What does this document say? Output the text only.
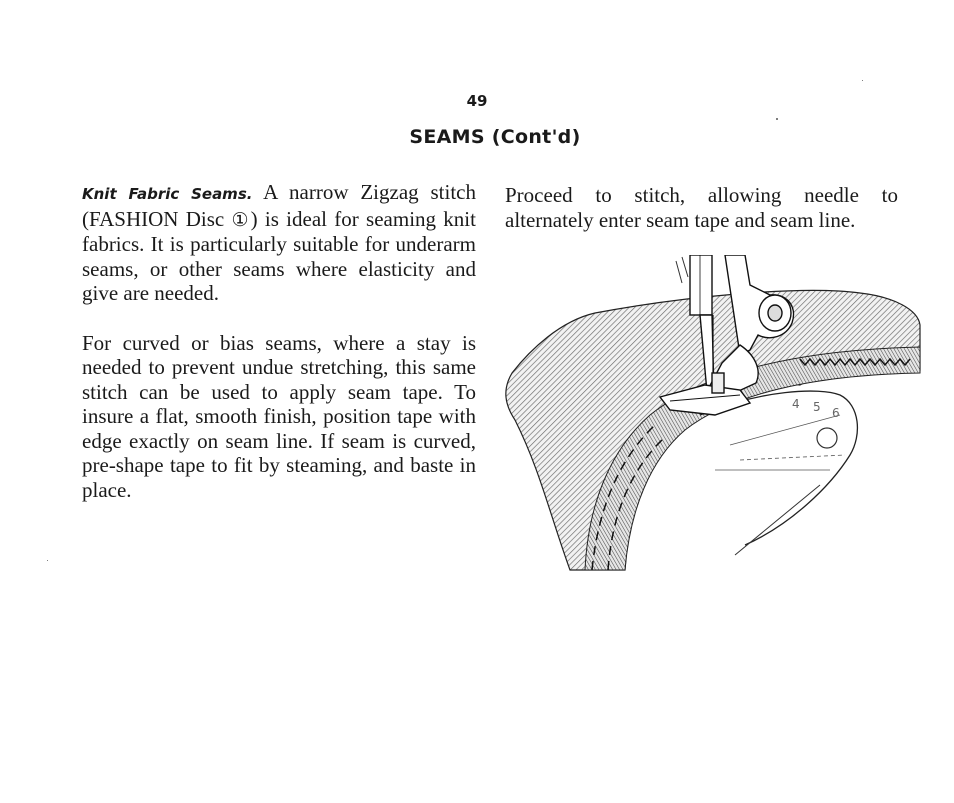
49
SEAMS (Cont'd)

Knit Fabric Seams. A narrow Zigzag stitch (FASHION Disc ①) is ideal for seaming knit fabrics. It is particularly suitable for underarm seams, or other seams where elasticity and give are needed.

For curved or bias seams, where a stay is needed to prevent undue stretching, this same stitch can be used to apply seam tape. To insure a flat, smooth finish, position tape with edge exactly on seam line. If seam is curved, pre-shape tape to fit by steaming, and baste in place.

Proceed to stitch, allowing needle to alternately enter seam tape and seam line.

4 5 6
